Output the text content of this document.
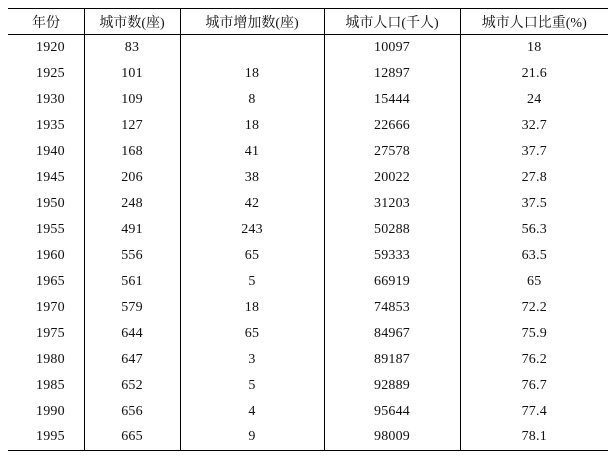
年份	城市数(座)	城市增加数(座)	城市人口(千人)	城市人口比重(%)
1920	83		10097	18
1925	101	18	12897	21.6
1930	109	8	15444	24
1935	127	18	22666	32.7
1940	168	41	27578	37.7
1945	206	38	20022	27.8
1950	248	42	31203	37.5
1955	491	243	50288	56.3
1960	556	65	59333	63.5
1965	561	5	66919	65
1970	579	18	74853	72.2
1975	644	65	84967	75.9
1980	647	3	89187	76.2
1985	652	5	92889	76.7
1990	656	4	95644	77.4
1995	665	9	98009	78.1
